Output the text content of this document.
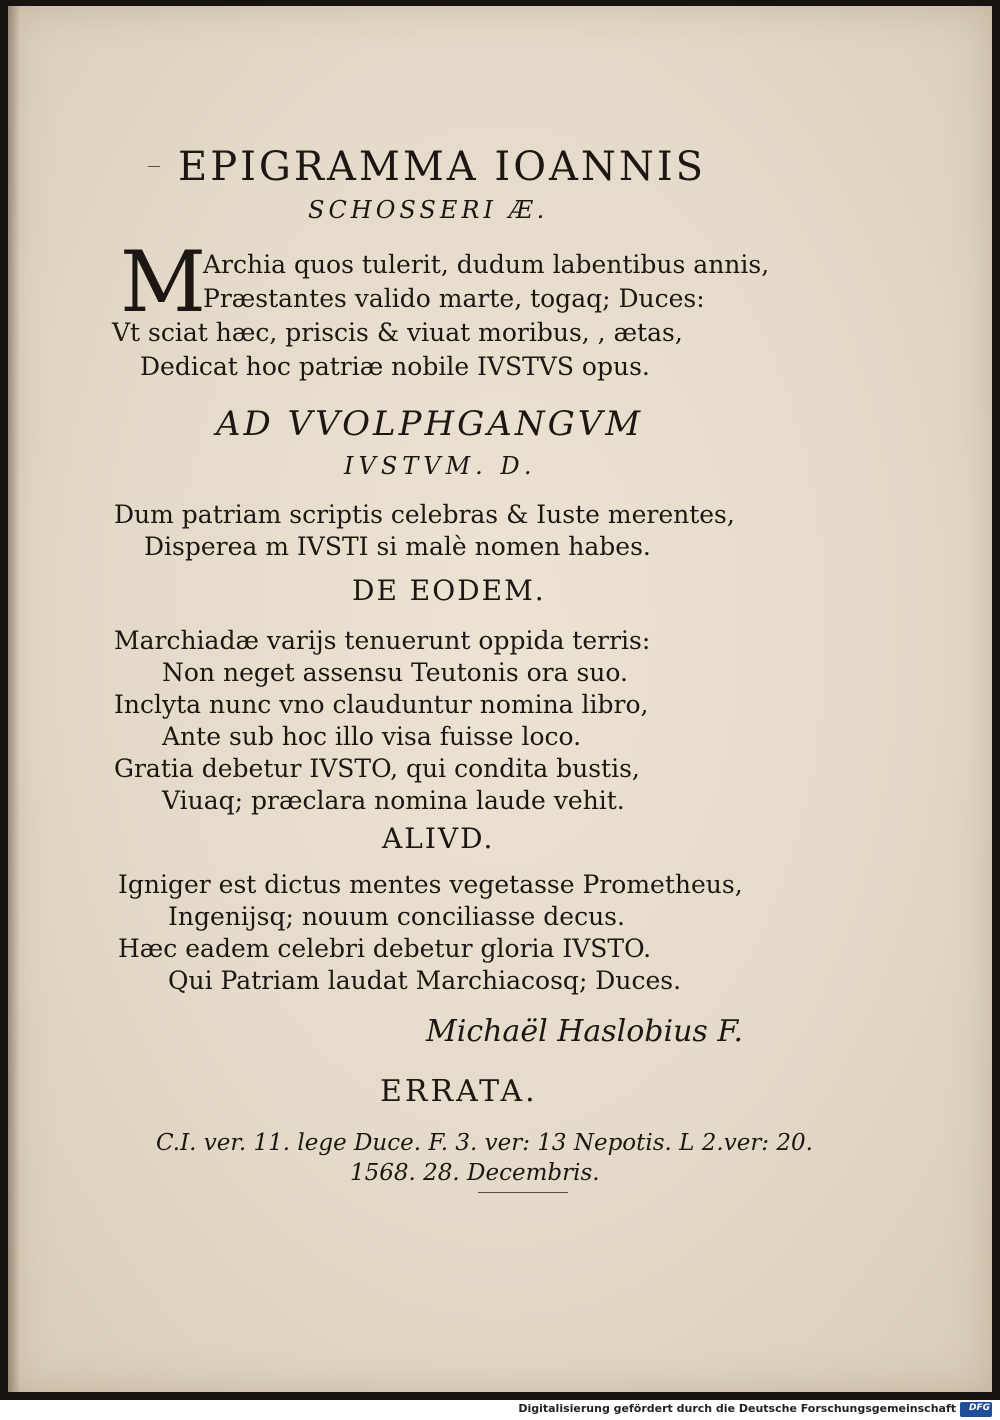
EPIGRAMMA IOANNIS
SCHOSSERI Æ.
M
Archia quos tulerit, dudum labentibus annis,
Præstantes valido marte, togaq; Duces:
Vt sciat hæc, priscis & viuat moribus, , ætas,
Dedicat hoc patriæ nobile IVSTVS opus.
AD VVOLPHGANGVM
IVSTVM. D.
Dum patriam scriptis celebras & Iuste merentes,
Disperea m IVSTI si malè nomen habes.
DE EODEM.
Marchiadæ varijs tenuerunt oppida terris:
Non neget assensu Teutonis ora suo.
Inclyta nunc vno clauduntur nomina libro,
Ante sub hoc illo visa fuisse loco.
Gratia debetur IVSTO, qui condita bustis,
Viuaq; præclara nomina laude vehit.
ALIVD.
Igniger est dictus mentes vegetasse Prometheus,
Ingenijsq; nouum conciliasse decus.
Hæc eadem celebri debetur gloria IVSTO.
Qui Patriam laudat Marchiacosq; Duces.
Michaël Haslobius F.
ERRATA.
C.I. ver. 11. lege Duce. F. 3. ver: 13 Nepotis. L 2.ver: 20.
1568. 28. Decembris.
Digitalisierung gefördert durch die Deutsche Forschungsgemeinschaft DFG
